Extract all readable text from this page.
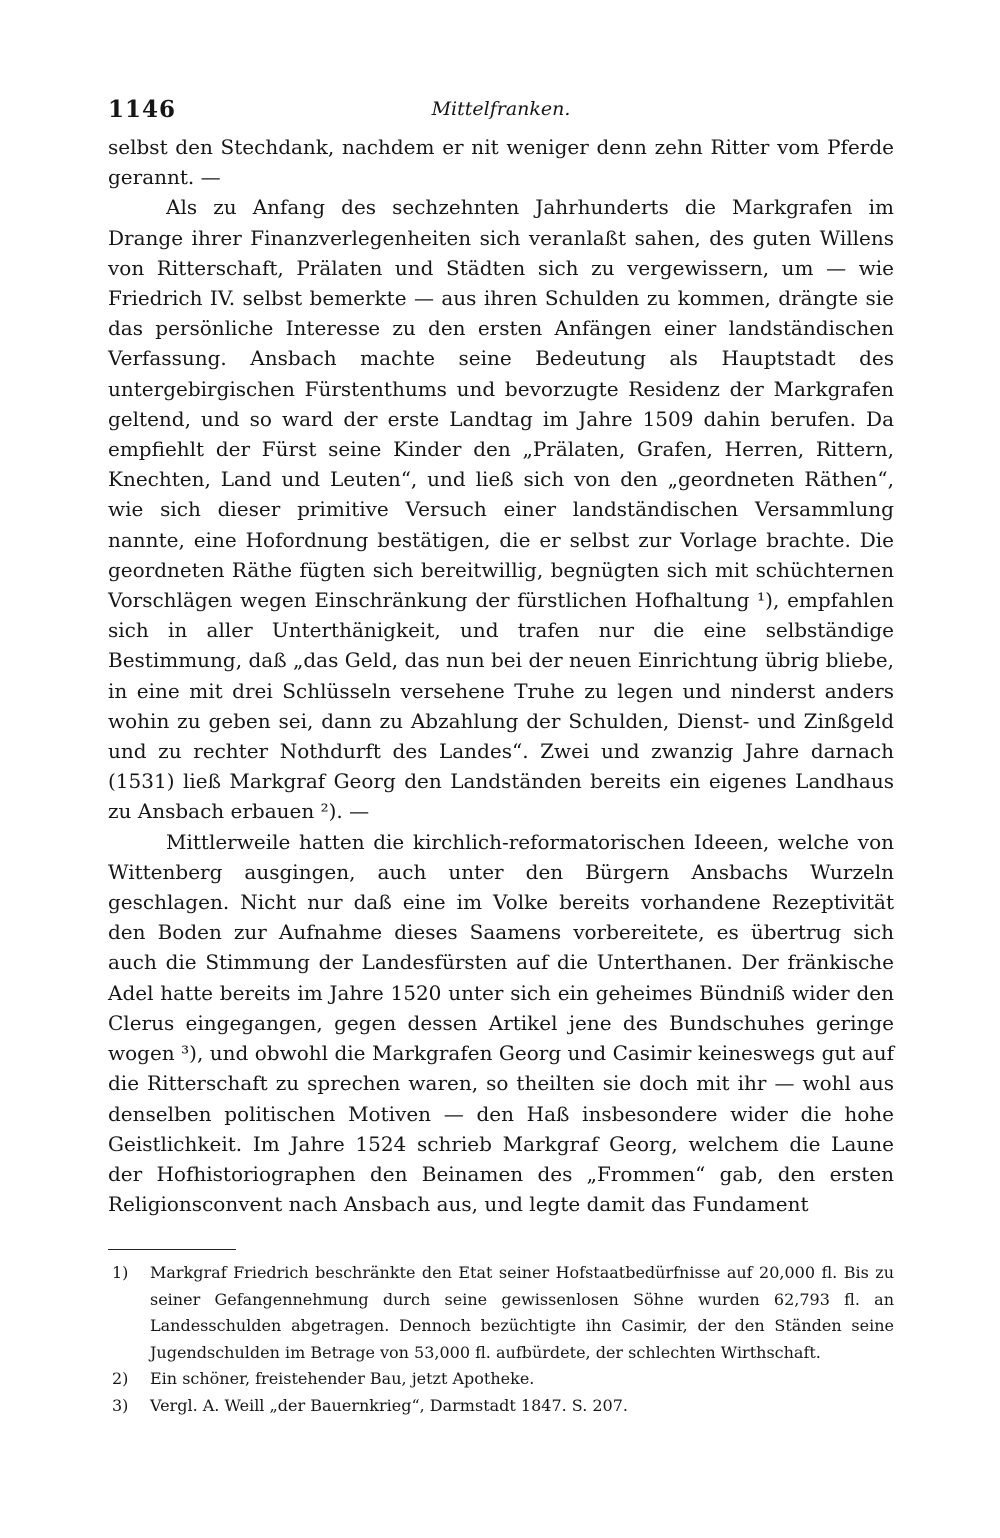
1146	Mittelfranken.

selbst den Stechdank, nachdem er nit weniger denn zehn Ritter vom Pferde gerannt. —

Als zu Anfang des sechzehnten Jahrhunderts die Markgrafen im Drange ihrer Finanzverlegenheiten sich veranlaßt sahen, des guten Willens von Ritterschaft, Prälaten und Städten sich zu vergewissern, um — wie Friedrich IV. selbst bemerkte — aus ihren Schulden zu kommen, drängte sie das persönliche Interesse zu den ersten Anfängen einer landständischen Verfassung. Ansbach machte seine Bedeutung als Hauptstadt des untergebirgischen Fürstenthums und bevorzugte Residenz der Markgrafen geltend, und so ward der erste Landtag im Jahre 1509 dahin berufen. Da empfiehlt der Fürst seine Kinder den „Prälaten, Grafen, Herren, Rittern, Knechten, Land und Leuten“, und ließ sich von den „geordneten Räthen“, wie sich dieser primitive Versuch einer landständischen Versammlung nannte, eine Hofordnung bestätigen, die er selbst zur Vorlage brachte. Die geordneten Räthe fügten sich bereitwillig, begnügten sich mit schüchternen Vorschlägen wegen Einschränkung der fürstlichen Hofhaltung ¹), empfahlen sich in aller Unterthänigkeit, und trafen nur die eine selbständige Bestimmung, daß „das Geld, das nun bei der neuen Einrichtung übrig bliebe, in eine mit drei Schlüsseln versehene Truhe zu legen und ninderst anders wohin zu geben sei, dann zu Abzahlung der Schulden, Dienst- und Zinßgeld und zu rechter Nothdurft des Landes“. Zwei und zwanzig Jahre darnach (1531) ließ Markgraf Georg den Landständen bereits ein eigenes Landhaus zu Ansbach erbauen ²). —

Mittlerweile hatten die kirchlich-reformatorischen Ideeen, welche von Wittenberg ausgingen, auch unter den Bürgern Ansbachs Wurzeln geschlagen. Nicht nur daß eine im Volke bereits vorhandene Rezeptivität den Boden zur Aufnahme dieses Saamens vorbereitete, es übertrug sich auch die Stimmung der Landesfürsten auf die Unterthanen. Der fränkische Adel hatte bereits im Jahre 1520 unter sich ein geheimes Bündniß wider den Clerus eingegangen, gegen dessen Artikel jene des Bundschuhes geringe wogen ³), und obwohl die Markgrafen Georg und Casimir keineswegs gut auf die Ritterschaft zu sprechen waren, so theilten sie doch mit ihr — wohl aus denselben politischen Motiven — den Haß insbesondere wider die hohe Geistlichkeit. Im Jahre 1524 schrieb Markgraf Georg, welchem die Laune der Hofhistoriographen den Beinamen des „Frommen“ gab, den ersten Religionsconvent nach Ansbach aus, und legte damit das Fundament

1) Markgraf Friedrich beschränkte den Etat seiner Hofstaatbedürfnisse auf 20,000 fl. Bis zu seiner Gefangennehmung durch seine gewissenlosen Söhne wurden 62,793 fl. an Landesschulden abgetragen. Dennoch bezüchtigte ihn Casimir, der den Ständen seine Jugendschulden im Betrage von 53,000 fl. aufbürdete, der schlechten Wirthschaft.
2) Ein schöner, freistehender Bau, jetzt Apotheke.
3) Vergl. A. Weill „der Bauernkrieg“, Darmstadt 1847. S. 207.
